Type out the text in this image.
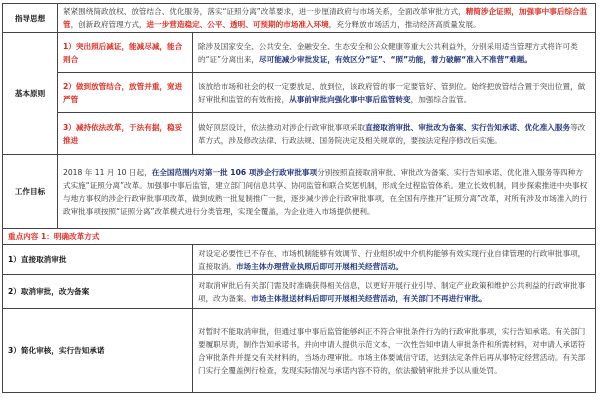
指导思想	紧紧围绕简政放权、放管结合、优化服务，落实“证照分离”改革要求，进一步厘清政府与市场关系，全面改革审批方式，精简涉企证照，加强事中事后综合监管，创新政府管理方式，进一步营造稳定、公平、透明、可预期的市场准入环境，充分释放市场活力，推动经济高质量发展。	
基本原则	1）突出照后减证，能减尽减，能合则合	除涉及国家安全、公共安全、金融安全、生态安全和公众健康等重大公共利益外，分别采用适当管理方式将许可类的“证”分离出来，尽可能减少审批发证，有效区分“证”、“照”功能，着力破解“准入不准营”难题。
	2）做到放管结合，放管并重，宽进严管	该放给市场和社会的权一定要放足、放到位，该政府管的事一定要管好、管到位。始终把放管结合置于突出位置，做好审批和监管的有效衔接，从事前审批向强化事中事后监管转变，加强综合监管。
	3）减持依法改革，于法有据，稳妥推进	做好顶层设计，依法推动对涉企行政审批事项采取直接取消审批、审批改为备案、实行告知承诺、优化准入服务等改革方式，涉及修改法律、行政法规、国务院决定及相关规章的，要按法定程序修改后实施。
工作目标	2018 年 11 月 10 日起，在全国范围内对第一批 106 项涉企行政审批事项分别按照直接取消审批、审批改为备案、实行告知承诺、优化准入服务等四种方式实施“证照分离”改革。加强事中事后监管，建立部门间信息共享、协同监管和联合奖惩机制，形成全过程监管体系。建立长效机制，同步探索推进中央事权与地方事权的涉企行政审批事项改革，做到成熟一批复制推广一批，逐步减少涉企行政审批事项，在全国有序推开“证照分离”改革，对所有涉及市场准入的行政审批事项按照“证照分离”改革模式进行分类管理，实现全覆盖，为企业进入市场提供便利。	
重点内容 1：明确改革方式		
1）直接取消审批		对设定必要性已不存在、市场机制能够有效调节、行业组织或中介机构能够有效实现行业自律管理的行政审批事项，直接取消。市场主体办理营业执照后即可开展相关经营活动。
2）取消审批，改为备案		对取消审批后有关部门需及时准确获得相关信息，以更好开展行业引导、制定产业政策和维护公共利益的行政审批事项，改为备案。市场主体报送材料后即可开展相关经营活动，有关部门不再进行审批。
3）简化审核，实行告知承诺		对暂时不能取消审批，但通过事中事后监管能够纠正不符合审批条件行为的行政审批事项，实行告知承诺。有关部门要履职尽责，制作告知承诺书，并向申请人提供示范文本，一次性告知申请人审批条件和所需材料，对申请人承诺符合审批条件并提交有关材料的，当场办理审批。市场主体要诚信守诺，达到法定条件后再从事特定经营活动。有关部门实行全覆盖例行检查，发现实际情况与承诺内容不符的，依法撤销审批并予以从重处罚。
